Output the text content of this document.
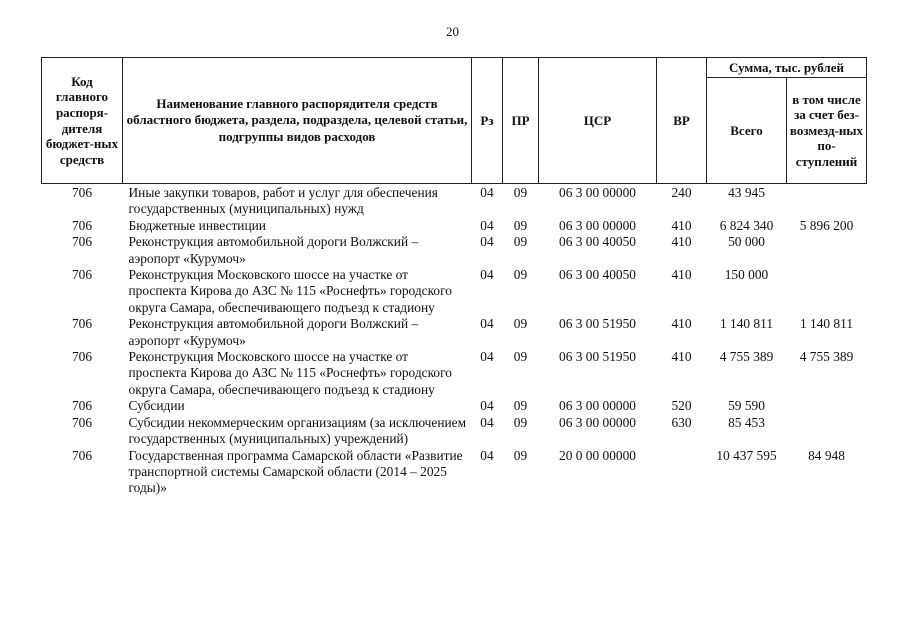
20
Код главного распоря-дителя бюджет-ных средств	Наименование главного распорядителя средств областного бюджета, раздела, подраздела, целевой статьи, подгруппы видов расходов	Рз	ПР	ЦСР	ВР	Сумма, тыс. рублей	
						Всего	в том числе за счет без-возмезд-ных по-ступлений
706	Иные закупки товаров, работ и услуг для обеспечения государственных (муниципальных) нужд	04	09	06 3 00 00000	240	43 945	
706	Бюджетные инвестиции	04	09	06 3 00 00000	410	6 824 340	5 896 200
706	Реконструкция автомобильной дороги Волжский – аэропорт «Курумоч»	04	09	06 3 00 40050	410	50 000	
706	Реконструкция Московского шоссе на участке от проспекта Кирова до АЗС № 115 «Роснефть» городского округа Самара, обеспечивающего подъезд к стадиону	04	09	06 3 00 40050	410	150 000	
706	Реконструкция автомобильной дороги Волжский – аэропорт «Курумоч»	04	09	06 3 00 51950	410	1 140 811	1 140 811
706	Реконструкция Московского шоссе на участке от проспекта Кирова до АЗС № 115 «Роснефть» городского округа Самара, обеспечивающего подъезд к стадиону	04	09	06 3 00 51950	410	4 755 389	4 755 389
706	Субсидии	04	09	06 3 00 00000	520	59 590	
706	Субсидии некоммерческим организациям (за исключением государственных (муниципальных) учреждений)	04	09	06 3 00 00000	630	85 453	
706	Государственная программа Самарской области «Развитие транспортной системы Самарской области (2014 – 2025 годы)»	04	09	20 0 00 00000		10 437 595	84 948
